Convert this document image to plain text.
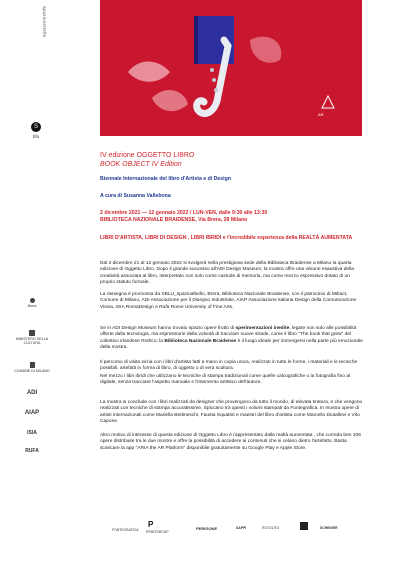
spaziosettelle
S
bfu
Brera
MINISTERO DELLA CULTURA
COMUNE DI MILANO
ADI
AIAP
ISIA
RUFA
AR
IV edizione OGGETTO LIBRO
BOOK OBJECT IV Edition
Biennale Internazionale del libro d'Artista e di Design
A cura di Susanna Vallebona
2 dicembre 2021 — 12 gennaio 2022 / LUN-VEN, dalle 9:30 alle 13:30
BIBLIOTECA NAZIONALE BRAIDENSE, Via Brera, 28 Milano
LIBRI D'ARTISTA, LIBRI DI DESIGN , LIBRI IBRIDI e l'incredibile esperienza della REALTÀ AUMENTATA

Dal 2 dicembre 21 al 12 gennaio 2022 si svolgerà nella prestigiosa sede della Biblioteca Braidense a Milano la quarta edizione di Oggetto Libro. Dopo il grande successo all'ADI Design Museum, la mostra offre una visione esaustiva della creatività associata al libro, interpretato non solo come custode di memoria, ma come mezzo espressivo dotato di un proprio statuto formale.

La rassegna è promossa da SBLU_spazioalbello, Brera, Biblioteca Nazionale Braidense, con il patrocinio di Mibact, Comune di Milano, ADI Associazione per il Disegno Industriale, AIAP Associazione italiana Design della Comunicazione Visiva, ISIA RomaDesign e Rufa Rome University of Fine Arts.

Se in ADI Design Museum hanno trovato spazio opere frutto di sperimentazioni inedite, legate non solo alle possibilità offerte dalla tecnologia, ma espressione della volontà di tracciare nuove strade, come il libro "The book that grew" del collettivo irlandese Rothco; la Biblioteca Nazionale Braidense è il luogo ideale per immergersi nella parte più emozionale della mostra.

Il percorso di visita inizia con i libri d'artista fatti a mano in copia unica, realizzati in tutte le forme, i materiali e le tecniche possibili, artefatti in forma di libro, di oggetto o di vera scultura.

Nel mezzo i libri ibridi che utilizzano le tecniche di stampa tradizionali come quelle calcografiche o la fotografia fino al digitale, senza tracciare l'aspetto manuale e l'intervento artistico dell'autore.

La mostra si conclude con i libri realizzati da designer che provengono da tutto il mondo, di elevata tiratura, e che vengono realizzati con tecniche di stampa accuratissime. Spiccano tra questi i volumi stampati da Fontegrafica. In mostra opere di artisti internazionali come Mariella Bettineschi, Fausta Squatriti e maestri del libro d'artista come Marcello Diotallevi e Vito Capone.

Altro motivo di interesse di questa edizione di Oggetto Libro è rappresentato dalla realtà aumentata , che correda ben 106 opere distribuite tra le due mostre e offre la possibilità di accedere ai contenuti che si celano dietro l'artefatto. Basta scaricare la app "ARIA the AR Platform" disponibile gratuitamente su Google Play e Apple Store.

FONTEGRAFICA
P
PRINTGROUP
PERIGONE	SAPPI	ROTOLITO	AR SCHEINER
